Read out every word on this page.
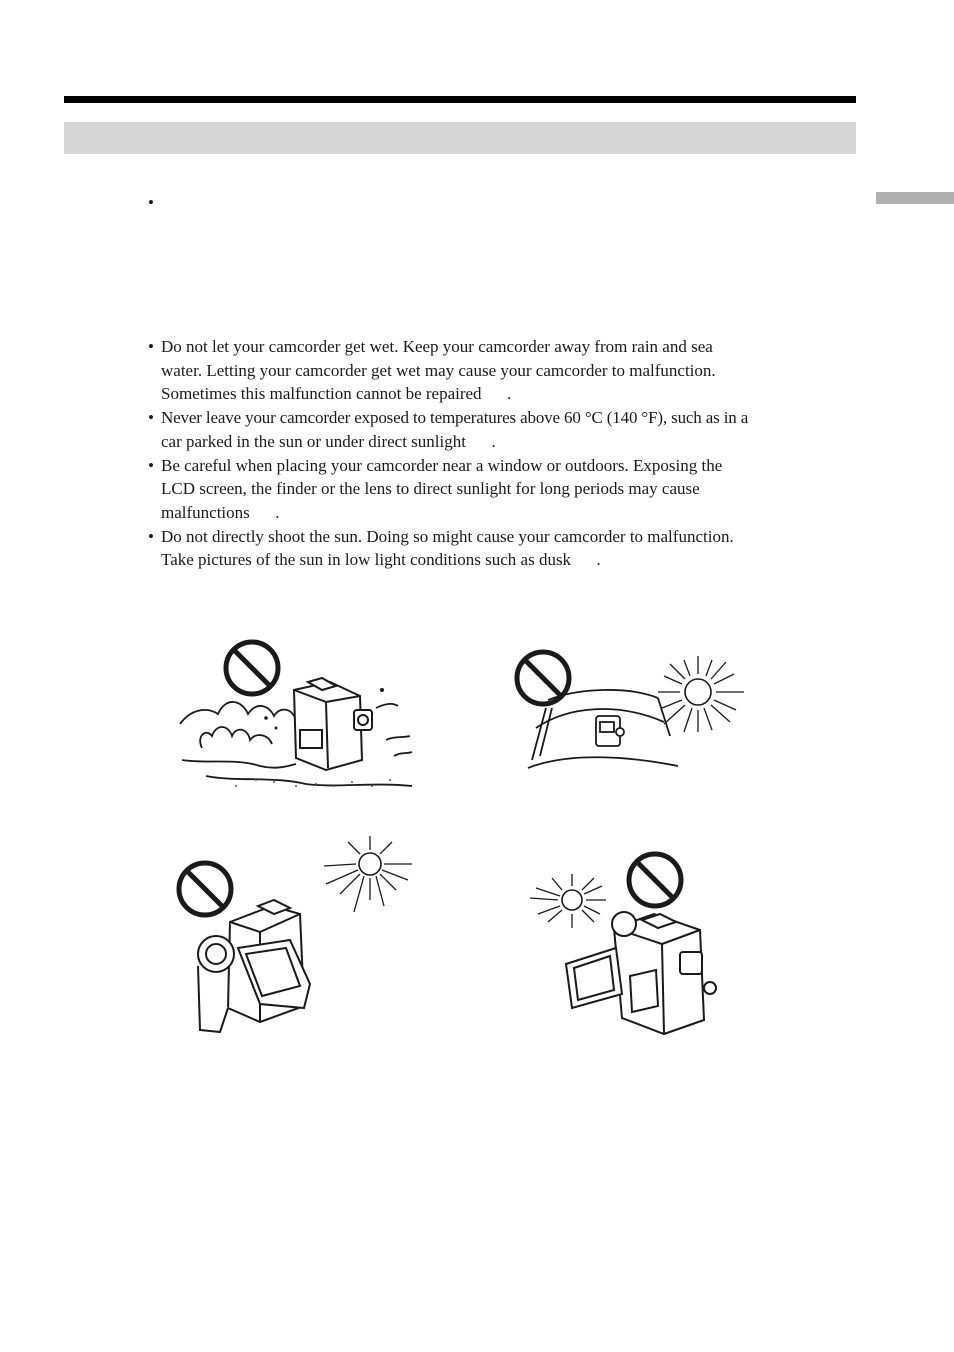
•
• Do not let your camcorder get wet. Keep your camcorder away from rain and sea
water. Letting your camcorder get wet may cause your camcorder to malfunction.
Sometimes this malfunction cannot be repaired      .
• Never leave your camcorder exposed to temperatures above 60 °C (140 °F), such as in a
car parked in the sun or under direct sunlight      .
• Be careful when placing your camcorder near a window or outdoors. Exposing the
LCD screen, the finder or the lens to direct sunlight for long periods may cause
malfunctions      .
• Do not directly shoot the sun. Doing so might cause your camcorder to malfunction.
Take pictures of the sun in low light conditions such as dusk      .
